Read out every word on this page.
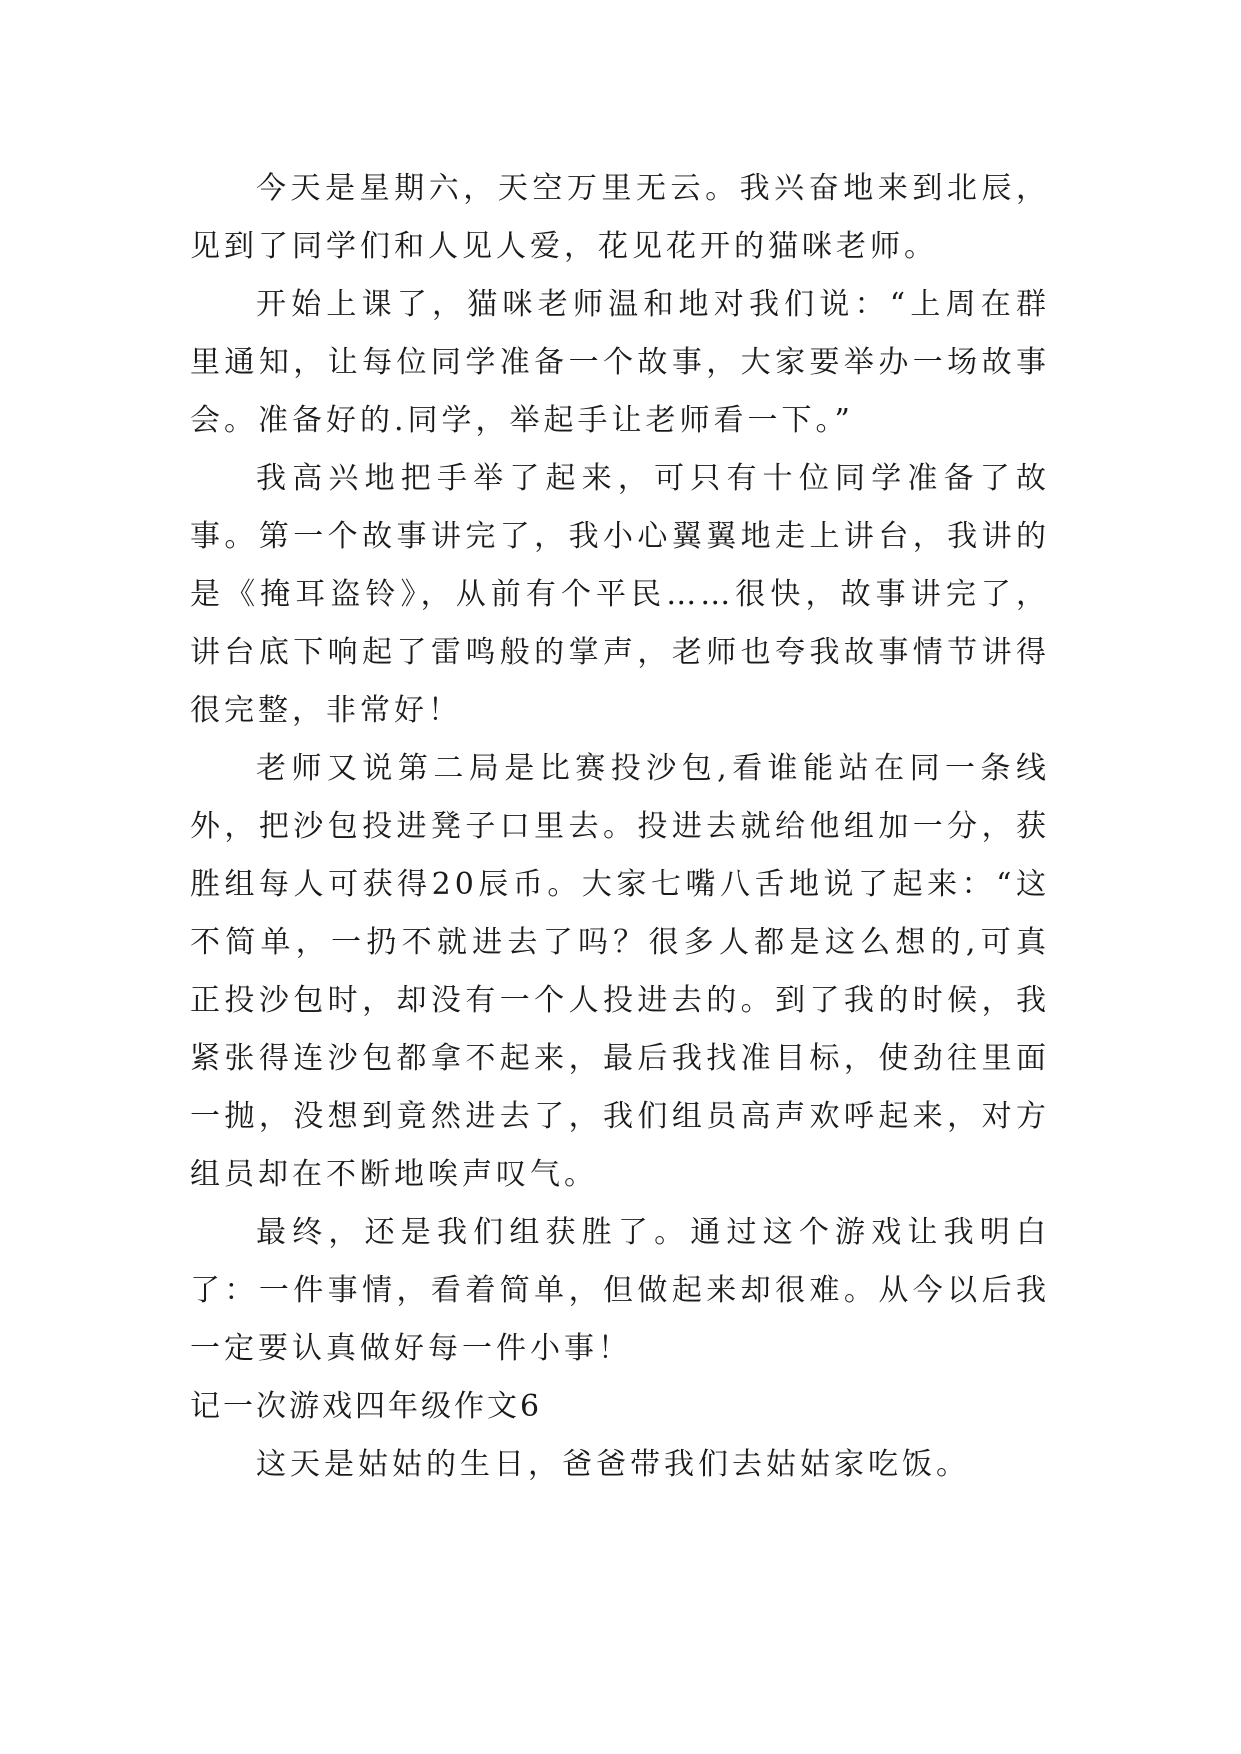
今天是星期六，天空万里无云。我兴奋地来到北辰，见到了同学们和人见人爱，花见花开的猫咪老师。

开始上课了，猫咪老师温和地对我们说：“上周在群里通知，让每位同学准备一个故事，大家要举办一场故事会。准备好的.同学，举起手让老师看一下。”

我高兴地把手举了起来，可只有十位同学准备了故事。第一个故事讲完了，我小心翼翼地走上讲台，我讲的是《掩耳盗铃》，从前有个平民……很快，故事讲完了，讲台底下响起了雷鸣般的掌声，老师也夸我故事情节讲得很完整，非常好！

老师又说第二局是比赛投沙包,看谁能站在同一条线外，把沙包投进凳子口里去。投进去就给他组加一分，获胜组每人可获得20辰币。大家七嘴八舌地说了起来：“这不简单，一扔不就进去了吗？很多人都是这么想的,可真正投沙包时，却没有一个人投进去的。到了我的时候，我紧张得连沙包都拿不起来，最后我找准目标，使劲往里面一抛，没想到竟然进去了，我们组员高声欢呼起来，对方组员却在不断地唉声叹气。

最终，还是我们组获胜了。通过这个游戏让我明白了：一件事情，看着简单，但做起来却很难。从今以后我一定要认真做好每一件小事！

记一次游戏四年级作文6

这天是姑姑的生日，爸爸带我们去姑姑家吃饭。
